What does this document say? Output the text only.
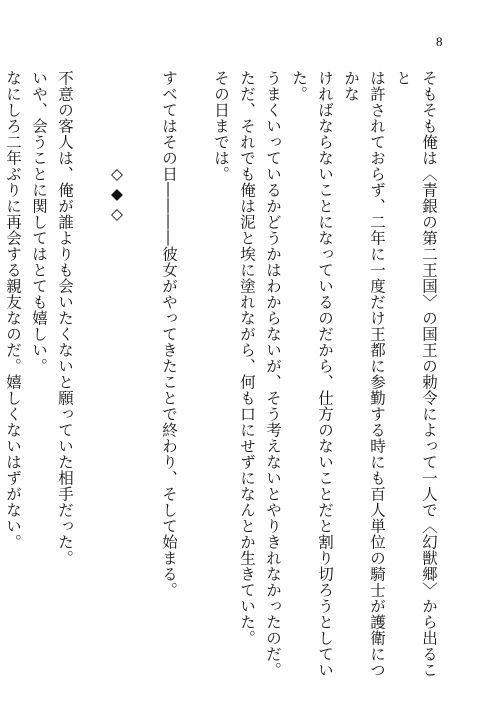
8

そもそも俺は〈青銀の第二王国〉の国王の勅令によって一人で〈幻獣郷〉から出ること

は許されておらず、二年に一度だけ王都に参勤する時にも百人単位の騎士が護衛につかな

ければならないことになっているのだから、仕方のないことだと割り切ろうとしていた。

うまくいっているかどうかはわからないが、そう考えないとやりきれなかったのだ。

ただ、それでも俺は泥と埃に塗れながら、何も口にせずになんとか生きていた。

その日までは。

すべてはその日――――彼女がやってきたことで終わり、そして始まる。

◇◆◇

不意の客人は、俺が誰よりも会いたくないと願っていた相手だった。

いや、会うことに関してはとても嬉しい。

なにしろ二年ぶりに再会する親友なのだ。嬉しくないはずがない。
